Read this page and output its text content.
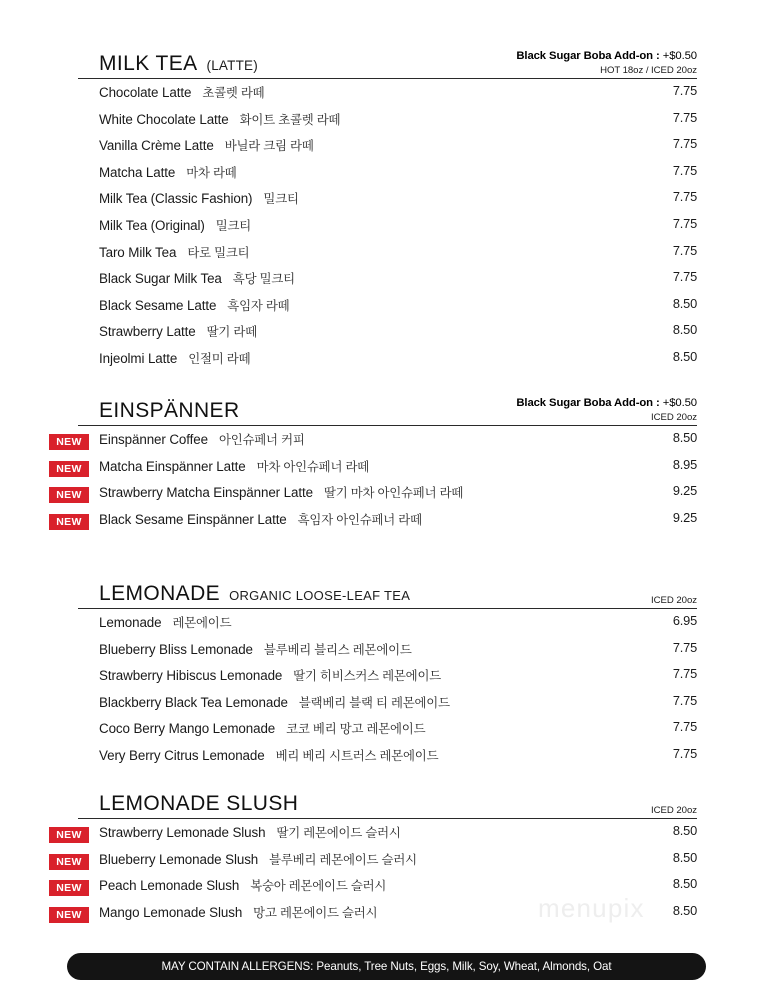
MILK TEA (LATTE)
Black Sugar Boba Add-on : +$0.50
HOT 18oz / ICED 20oz
Chocolate Latte 초콜렛 라떼	7.75
White Chocolate Latte 화이트 초콜렛 라떼	7.75
Vanilla Crème Latte 바닐라 크림 라떼	7.75
Matcha Latte 마차 라떼	7.75
Milk Tea (Classic Fashion) 밀크티	7.75
Milk Tea (Original) 밀크티	7.75
Taro Milk Tea 타로 밀크티	7.75
Black Sugar Milk Tea 흑당 밀크티	7.75
Black Sesame Latte 흑임자 라떼	8.50
Strawberry Latte 딸기 라떼	8.50
Injeolmi Latte 인절미 라떼	8.50
EINSPÄNNER	Black Sugar Boba Add-on : +$0.50
ICED 20oz
NEW	Einspänner Coffee 아인슈페너 커피	8.50
NEW	Matcha Einspänner Latte 마차 아인슈페너 라떼	8.95
NEW	Strawberry Matcha Einspänner Latte 딸기 마차 아인슈페너 라떼	9.25
NEW	Black Sesame Einspänner Latte 흑임자 아인슈페너 라떼	9.25
LEMONADE ORGANIC LOOSE-LEAF TEA	ICED 20oz
Lemonade 레몬에이드	6.95
Blueberry Bliss Lemonade 블루베리 블리스 레몬에이드	7.75
Strawberry Hibiscus Lemonade 딸기 히비스커스 레몬에이드	7.75
Blackberry Black Tea Lemonade 블랙베리 블랙 티 레몬에이드	7.75
Coco Berry Mango Lemonade 코코 베리 망고 레몬에이드	7.75
Very Berry Citrus Lemonade 베리 베리 시트러스 레몬에이드	7.75
LEMONADE SLUSH	ICED 20oz
NEW	Strawberry Lemonade Slush 딸기 레몬에이드 슬러시	8.50
NEW	Blueberry Lemonade Slush 블루베리 레몬에이드 슬러시	8.50
NEW	Peach Lemonade Slush 복숭아 레몬에이드 슬러시	8.50
NEW	Mango Lemonade Slush 망고 레몬에이드 슬러시	8.50
menupix
MAY CONTAIN ALLERGENS: Peanuts, Tree Nuts, Eggs, Milk, Soy, Wheat, Almonds, Oat
